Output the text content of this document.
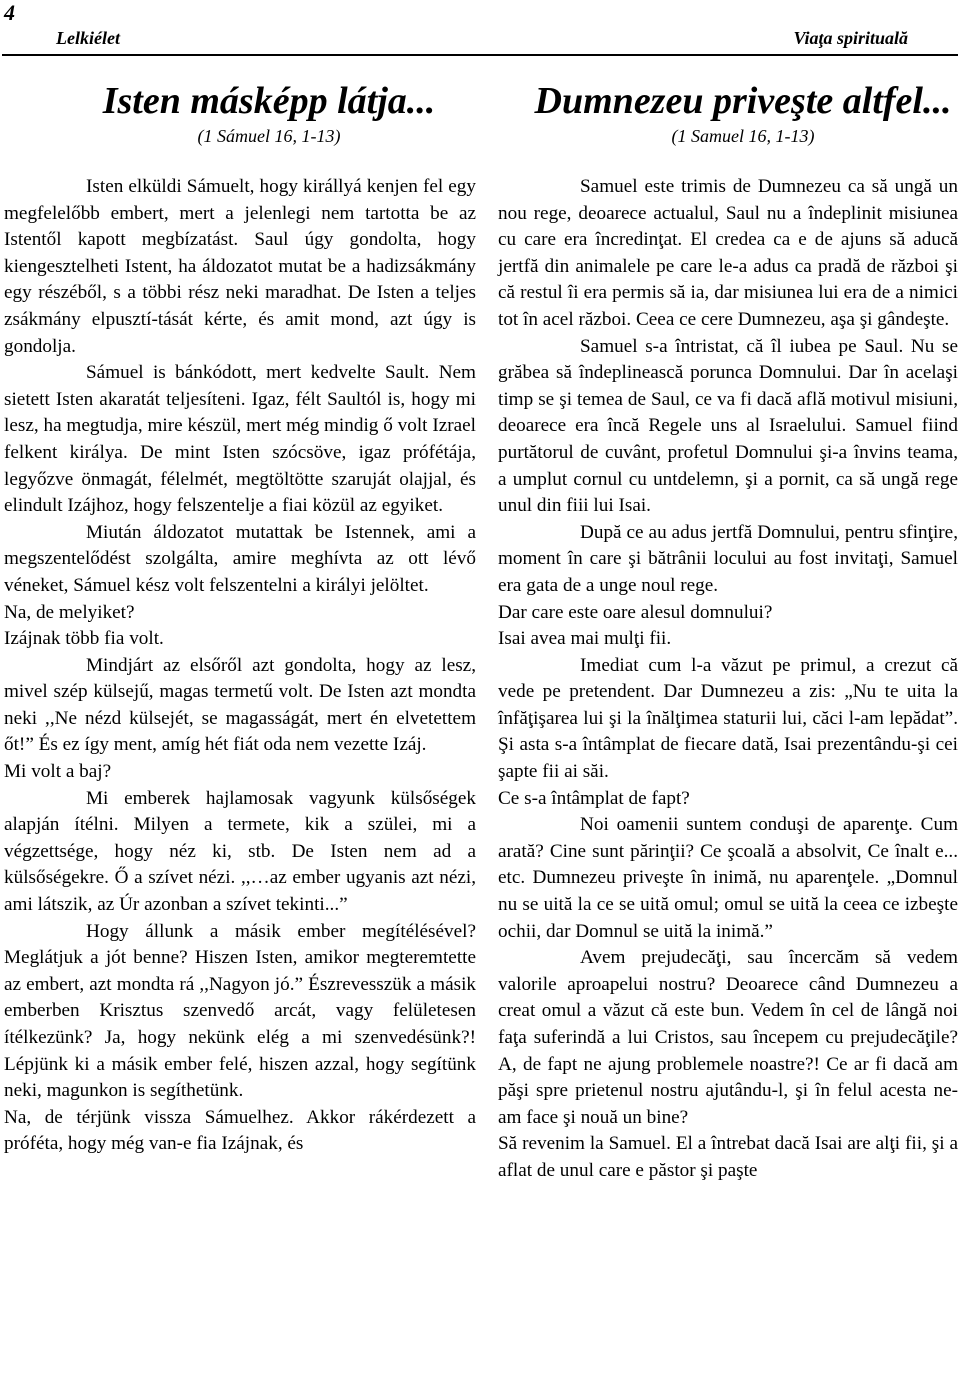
4
Lelkiélet	Viaţa spirituală
Isten másképp látja...
(1 Sámuel 16, 1-13)

Isten elküldi Sámuelt, hogy királlyá kenjen fel egy megfelelőbb embert, mert a jelenlegi nem tartotta be az Istentől kapott megbízatást. Saul úgy gondolta, hogy kiengesztelheti Istent, ha áldozatot mutat be a hadizsákmány egy részéből, s a többi rész neki maradhat. De Isten a teljes zsákmány elpusztí-tását kérte, és amit mond, azt úgy is gondolja.

Sámuel is bánkódott, mert kedvelte Sault. Nem sietett Isten akaratát teljesíteni. Igaz, félt Saultól is, hogy mi lesz, ha megtudja, mire készül, mert még mindig ő volt Izrael felkent királya. De mint Isten szócsöve, igaz prófétája, legyőzve önmagát, félelmét, megtöltötte szaruját olajjal, és elindult Izájhoz, hogy felszentelje a fiai közül az egyiket.

Miután áldozatot mutattak be Istennek, ami a megszentelődést szolgálta, amire meghívta az ott lévő véneket, Sámuel kész volt felszentelni a királyi jelöltet.

Na, de melyiket?

Izájnak több fia volt.

Mindjárt az elsőről azt gondolta, hogy az lesz, mivel szép külsejű, magas termetű volt. De Isten azt mondta neki ,,Ne nézd külsejét, se magasságát, mert én elvetettem őt!” És ez így ment, amíg hét fiát oda nem vezette Izáj.

Mi volt a baj?

Mi emberek hajlamosak vagyunk külsőségek alapján ítélni. Milyen a termete, kik a szülei, mi a végzettsége, hogy néz ki, stb. De Isten nem ad a külsőségekre. Ő a szívet nézi. ,,…az ember ugyanis azt nézi, ami látszik, az Úr azonban a szívet tekinti...”

Hogy állunk a másik ember megítélésével? Meglátjuk a jót benne? Hiszen Isten, amikor megteremtette az embert, azt mondta rá ,,Nagyon jó.” Észrevesszük a másik emberben Krisztus szenvedő arcát, vagy felületesen ítélkezünk? Ja, hogy nekünk elég a mi szenvedésünk?! Lépjünk ki a másik ember felé, hiszen azzal, hogy segítünk neki, magunkon is segíthetünk.

Na, de térjünk vissza Sámuelhez. Akkor rákérdezett a próféta, hogy még van-e fia Izájnak, és

Dumnezeu priveşte altfel...
(1 Samuel 16, 1-13)

Samuel este trimis de Dumnezeu ca să ungă un nou rege, deoarece actualul, Saul nu a îndeplinit misiunea cu care era încredinţat. El credea ca e de ajuns să aducă jertfă din animalele pe care le-a adus ca pradă de război şi că restul îi era permis să ia, dar misiunea lui era de a nimici tot în acel război. Ceea ce cere Dumnezeu, aşa şi gândeşte.

Samuel s-a întristat, că îl iubea pe Saul. Nu se grăbea să îndeplinească porunca Domnului. Dar în acelaşi timp se şi temea de Saul, ce va fi dacă află motivul misiuni, deoarece era încă Regele uns al Israelului. Samuel fiind purtătorul de cuvânt, profetul Domnului şi-a învins teama, a umplut cornul cu untdelemn, şi a pornit, ca să ungă rege unul din fiii lui Isai.

După ce au adus jertfă Domnului, pentru sfinţire, moment în care şi bătrânii locului au fost invitaţi, Samuel era gata de a unge noul rege.

Dar care este oare alesul domnului?

Isai avea mai mulţi fii.

Imediat cum l-a văzut pe primul, a crezut că vede pe pretendent. Dar Dumnezeu a zis: „Nu te uita la înfăţişarea lui şi la înălţimea staturii lui, căci l-am lepădat”. Şi asta s-a întâmplat de fiecare dată, Isai prezentându-şi cei şapte fii ai săi.

Ce s-a întâmplat de fapt?

Noi oamenii suntem conduşi de aparenţe. Cum arată? Cine sunt părinţii? Ce şcoală a absolvit, Ce înalt e... etc. Dumnezeu priveşte în inimă, nu aparenţele. „Domnul nu se uită la ce se uită omul; omul se uită la ceea ce izbeşte ochii, dar Domnul se uită la inimă.”

Avem prejudecăţi, sau încercăm să vedem valorile aproapelui nostru? Deoarece când Dumnezeu a creat omul a văzut că este bun. Vedem în cel de lângă noi faţa suferindă a lui Cristos, sau începem cu prejudecăţile? A, de fapt ne ajung problemele noastre?! Ce ar fi dacă am păşi spre prietenul nostru ajutându-l, şi în felul acesta ne-am face şi nouă un bine?

Să revenim la Samuel. El a întrebat dacă Isai are alţi fii, şi a aflat de unul care e păstor şi paşte
